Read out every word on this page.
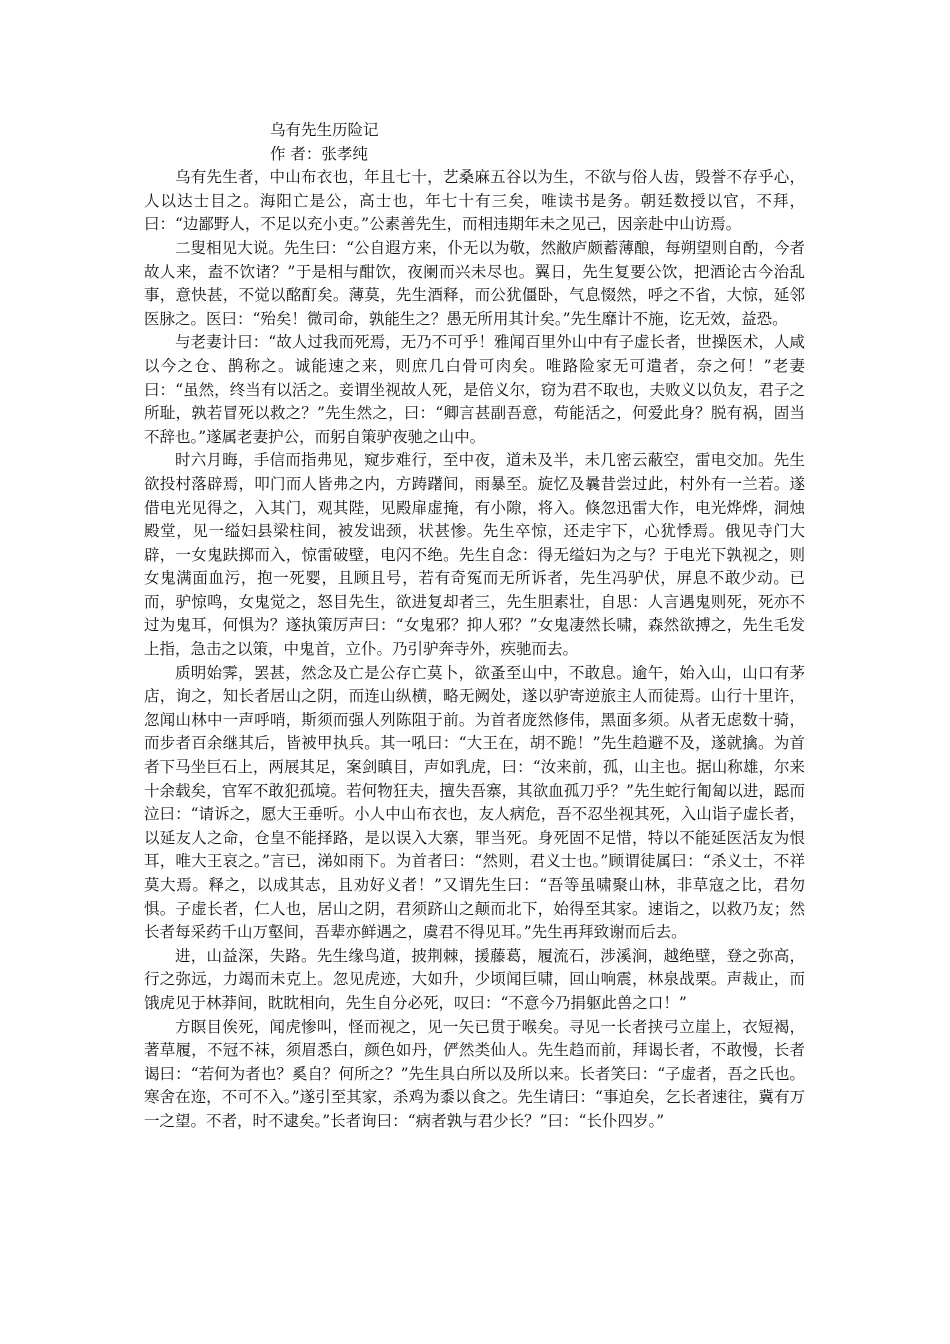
乌有先生历险记
作 者：张孝纯

乌有先生者，中山布衣也，年且七十，艺桑麻五谷以为生，不欲与俗人齿，毁誉不存乎心，人以达士目之。海阳亡是公，高士也，年七十有三矣，唯读书是务。朝廷数授以官，不拜，曰：“边鄙野人，不足以充小吏。”公素善先生，而相违期年未之见己，因亲赴中山访焉。

二叟相见大说。先生曰：“公自遐方来，仆无以为敬，然敝庐颇蓄薄酿，每朔望则自酌，今者故人来，盍不饮诸？”于是相与酣饮，夜阑而兴未尽也。翼日，先生复要公饮，把酒论古今治乱事，意快甚，不觉以酩酊矣。薄莫，先生酒释，而公犹僵卧，气息惙然，呼之不省，大惊，延邻医脉之。医曰：“殆矣！微司命，孰能生之？愚无所用其计矣。”先生靡计不施，讫无效，益恐。

与老妻计曰：“故人过我而死焉，无乃不可乎！雅闻百里外山中有子虚长者，世操医术，人咸以今之仓、鹊称之。诚能速之来，则庶几白骨可肉矣。唯路险家无可遣者，奈之何！”老妻曰：“虽然，终当有以活之。妾谓坐视故人死，是倍义尔，窃为君不取也，夫败义以负友，君子之所耻，孰若冒死以救之？”先生然之，曰：“卿言甚副吾意，苟能活之，何爱此身？脱有祸，固当不辞也。”遂属老妻护公，而躬自策驴夜驰之山中。

时六月晦，手信而指弗见，窥步难行，至中夜，道未及半，未几密云蔽空，雷电交加。先生欲投村落辟焉，叩门而人皆弗之内，方踌躇间，雨暴至。旋忆及曩昔尝过此，村外有一兰若。遂借电光见得之，入其门，观其陛，见殿扉虚掩，有小隙，将入。倏忽迅雷大作，电光烨烨，洞烛殿堂，见一缢妇县梁柱间，被发诎颈，状甚惨。先生卒惊，还走宇下，心犹悸焉。俄见寺门大辟，一女鬼趺掷而入，惊雷破壁，电闪不绝。先生自念：得无缢妇为之与？于电光下孰视之，则女鬼满面血污，抱一死婴，且顾且号，若有奇冤而无所诉者，先生冯驴伏，屏息不敢少动。已而，驴惊鸣，女鬼觉之，怒目先生，欲进复却者三，先生胆素壮，自思：人言遇鬼则死，死亦不过为鬼耳，何惧为？遂执策厉声曰：“女鬼邪？抑人邪？”女鬼凄然长啸，森然欲搏之，先生毛发上指，急击之以策，中鬼首，立仆。乃引驴奔寺外，疾驰而去。

质明始霁，罢甚，然念及亡是公存亡莫卜，欲蚤至山中，不敢息。逾午，始入山，山口有茅店，询之，知长者居山之阴，而连山纵横，略无阙处，遂以驴寄逆旅主人而徒焉。山行十里许，忽闻山林中一声呼哨，斯须而强人列陈阻于前。为首者庞然修伟，黑面多须。从者无虑数十骑，而步者百余继其后，皆被甲执兵。其一吼曰：“大王在，胡不跪！”先生趋避不及，遂就擒。为首者下马坐巨石上，两展其足，案剑瞋目，声如乳虎，曰：“汝来前，孤，山主也。据山称雄，尔来十余载矣，官军不敢犯孤境。若何物狂夫，擅失吾寨，其欲血孤刀乎？”先生蛇行匍匐以进，跽而泣曰：“请诉之，愿大王垂听。小人中山布衣也，友人病危，吾不忍坐视其死，入山诣子虚长者，以延友人之命，仓皇不能择路，是以误入大寨，罪当死。身死固不足惜，特以不能延医活友为恨耳，唯大王哀之。”言已，涕如雨下。为首者曰：“然则，君义士也。”顾谓徒属曰：“杀义士，不祥莫大焉。释之，以成其志，且劝好义者！”又谓先生曰：“吾等虽啸聚山林，非草寇之比，君勿惧。子虚长者，仁人也，居山之阴，君须跻山之颠而北下，始得至其家。速诣之，以救乃友；然长者每采药千山万壑间，吾辈亦鲜遇之，虞君不得见耳。”先生再拜致谢而后去。

进，山益深，失路。先生缘鸟道，披荆棘，援藤葛，履流石，涉溪涧，越绝壁，登之弥高，行之弥远，力竭而未克上。忽见虎迹，大如升，少顷闻巨啸，回山响震，林泉战栗。声裁止，而饿虎见于林莽间，眈眈相向，先生自分必死，叹曰：“不意今乃捐躯此兽之口！”

方瞑目俟死，闻虎惨叫，怪而视之，见一矢已贯于喉矣。寻见一长者挟弓立崖上，衣短褐，著草履，不冠不袜，须眉悉白，颜色如丹，俨然类仙人。先生趋而前，拜谒长者，不敢慢，长者谒曰：“若何为者也？奚自？何所之？”先生具白所以及所以来。长者笑曰：“子虚者，吾之氏也。寒舍在迩，不可不入。”遂引至其家，杀鸡为黍以食之。先生请曰：“事迫矣，乞长者速往，冀有万一之望。不者，时不逮矣。”长者询曰：“病者孰与君少长？”曰：“长仆四岁。”
